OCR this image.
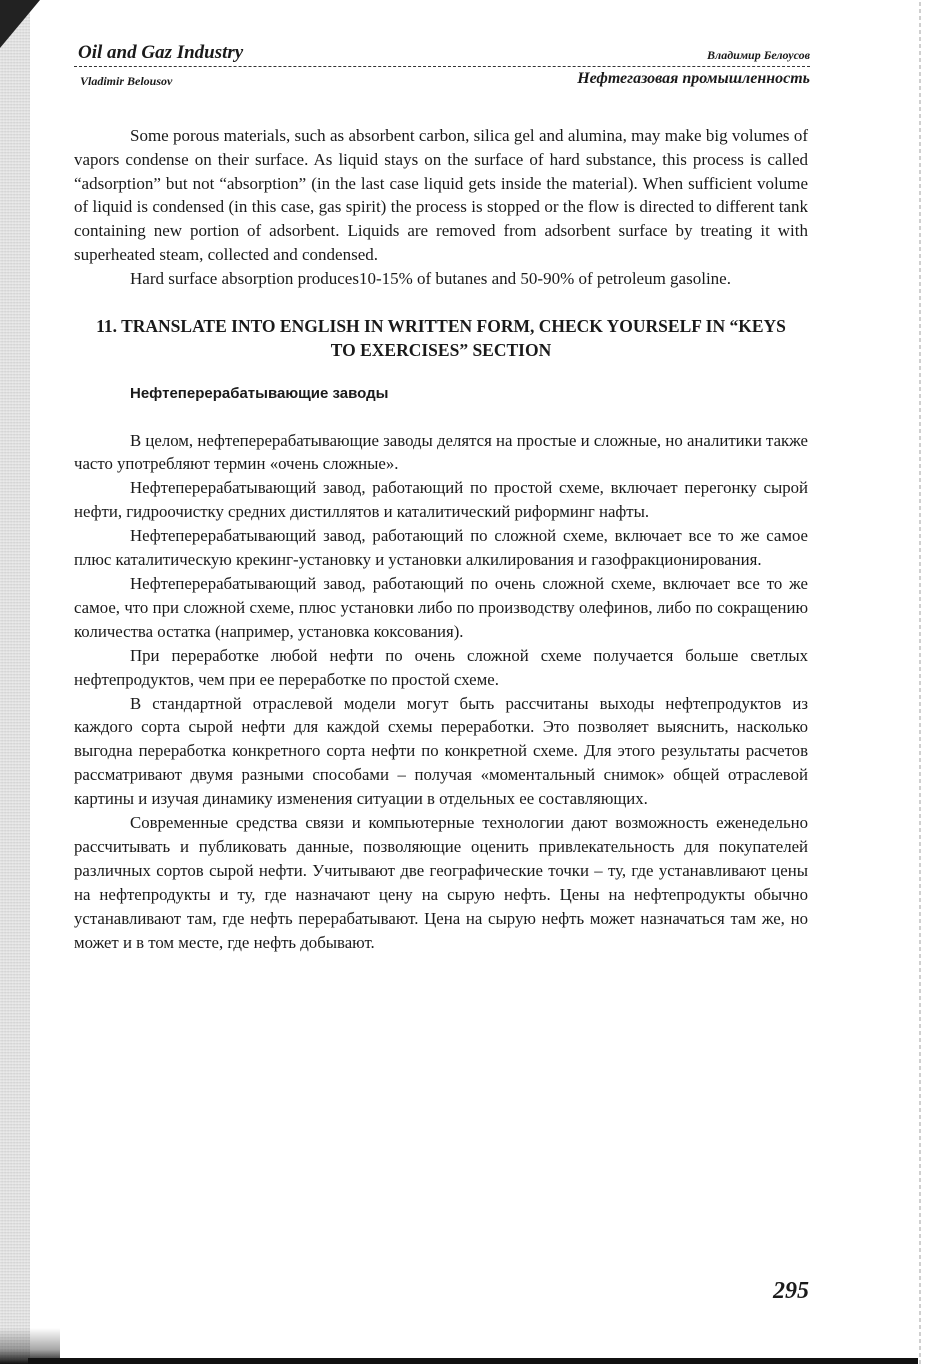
Oil and Gaz Industry	Владимир Белоусов
Vladimir Belousov	Нефтегазовая промышленность

Some porous materials, such as absorbent carbon, silica gel and alumina, may make big volumes of vapors condense on their surface. As liquid stays on the surface of hard substance, this process is called “adsorption” but not “absorption” (in the last case liquid gets inside the material). When sufficient volume of liquid is condensed (in this case, gas spirit) the process is stopped or the flow is directed to different tank containing new portion of adsorbent. Liquids are removed from adsorbent surface by treating it with superheated steam, collected and condensed.

Hard surface absorption produces10-15% of butanes and 50-90% of petroleum gasoline.

11. TRANSLATE INTO ENGLISH IN WRITTEN FORM, CHECK YOURSELF IN “KEYS TO EXERCISES” SECTION
Нефтеперерабатывающие заводы

В целом, нефтеперерабатывающие заводы делятся на простые и сложные, но аналитики также часто употребляют термин «очень сложные».

Нефтеперерабатывающий завод, работающий по простой схеме, включает перегонку сырой нефти, гидроочистку средних дистиллятов и каталитический риформинг нафты.

Нефтеперерабатывающий завод, работающий по сложной схеме, включает все то же самое плюс каталитическую крекинг-установку и установки алкилирования и газофракционирования.

Нефтеперерабатывающий завод, работающий по очень сложной схеме, включает все то же самое, что при сложной схеме, плюс установки либо по производству олефинов, либо по сокращению количества остатка (например, установка коксования).

При переработке любой нефти по очень сложной схеме получается больше светлых нефтепродуктов, чем при ее переработке по простой схеме.

В стандартной отраслевой модели могут быть рассчитаны выходы нефтепродуктов из каждого сорта сырой нефти для каждой схемы переработки. Это позволяет выяснить, насколько выгодна переработка конкретного сорта нефти по конкретной схеме. Для этого результаты расчетов рассматривают двумя разными способами – получая «моментальный снимок» общей отраслевой картины и изучая динамику изменения ситуации в отдельных ее составляющих.

Современные средства связи и компьютерные технологии дают возможность еженедельно рассчитывать и публиковать данные, позволяющие оценить привлекательность для покупателей различных сортов сырой нефти. Учитывают две географические точки – ту, где устанавливают цены на нефтепродукты и ту, где назначают цену на сырую нефть. Цены на нефтепродукты обычно устанавливают там, где нефть перерабатывают. Цена на сырую нефть может назначаться там же, но может и в том месте, где нефть добывают.

295
